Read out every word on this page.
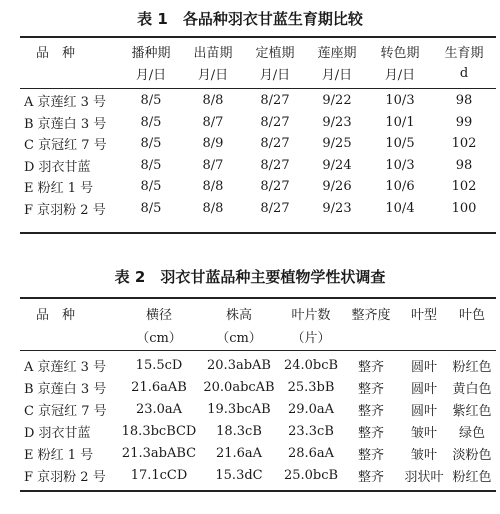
表 1　各品种羽衣甘蓝生育期比较
品　种	播种期	出苗期	定植期	莲座期	转色期	生育期
	月/日	月/日	月/日	月/日	月/日	d

A 京莲红 3 号	8/5	8/8	8/27	9/22	10/3	98
B 京莲白 3 号	8/5	8/7	8/27	9/23	10/1	99
C 京冠红 7 号	8/5	8/9	8/27	9/25	10/5	102
D 羽衣甘蓝	8/5	8/7	8/27	9/24	10/3	98
E 粉红 1 号	8/5	8/8	8/27	9/26	10/6	102
F 京羽粉 2 号	8/5	8/8	8/27	9/23	10/4	100
表 2　羽衣甘蓝品种主要植物学性状调查
品　种	横径	株高	叶片数	整齐度	叶型	叶色
	（cm）	（cm）	（片）			

A 京莲红 3 号	15.5cD	20.3abAB	24.0bcB	整齐	圆叶	粉红色
B 京莲白 3 号	21.6aAB	20.0abcAB	25.3bB	整齐	圆叶	黄白色
C 京冠红 7 号	23.0aA	19.3bcAB	29.0aA	整齐	圆叶	紫红色
D 羽衣甘蓝	18.3bcBCD	18.3cB	23.3cB	整齐	皱叶	绿色
E 粉红 1 号	21.3abABC	21.6aA	28.6aA	整齐	皱叶	淡粉色
F 京羽粉 2 号	17.1cCD	15.3dC	25.0bcB	整齐	羽状叶	粉红色
